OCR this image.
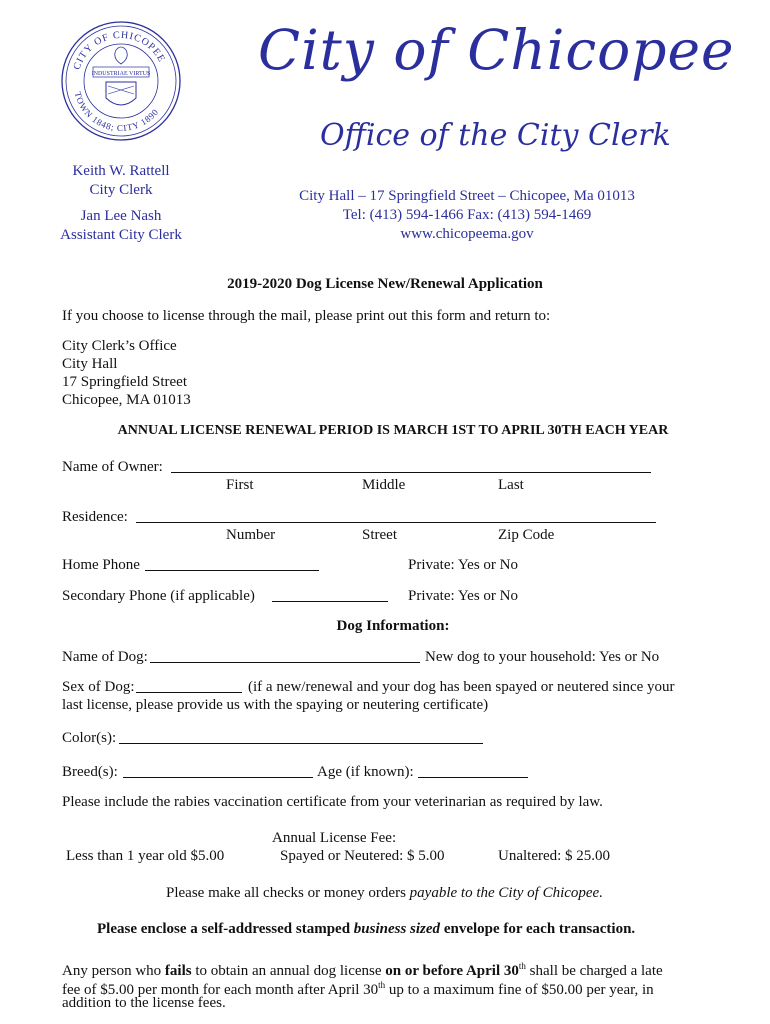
CITY OF CHICOPEE
TOWN 1848; CITY 1890
INDUSTRIAE VIRTUS City of Chicopee
Office of the City Clerk
Keith W. Rattell
City Clerk
Jan Lee Nash
Assistant City Clerk
City Hall – 17 Springfield Street – Chicopee, Ma 01013
Tel: (413) 594-1466 Fax: (413) 594-1469
www.chicopeema.gov
2019-2020 Dog License New/Renewal Application
If you choose to license through the mail, please print out this form and return to:
City Clerk’s Office
City Hall
17 Springfield Street
Chicopee, MA 01013
ANNUAL LICENSE RENEWAL PERIOD IS MARCH 1ST TO APRIL 30TH EACH YEAR
Name of Owner:
First	Middle	Last
Residence:
Number	Street	Zip Code
Home Phone	Private: Yes or No
Secondary Phone (if applicable)	Private: Yes or No
Dog Information:
Name of Dog:	New dog to your household: Yes or No
Sex of Dog:	(if a new/renewal and your dog has been spayed or neutered since your
last license, please provide us with the spaying or neutering certificate)
Color(s):
Breed(s):	Age (if known):
Please include the rabies vaccination certificate from your veterinarian as required by law.
Annual License Fee:
Less than 1 year old $5.00	Spayed or Neutered: $ 5.00	Unaltered: $ 25.00
Please make all checks or money orders payable to the City of Chicopee.
Please enclose a self-addressed stamped business sized envelope for each transaction.
Any person who fails to obtain an annual dog license on or before April 30th shall be charged a late
fee of $5.00 per month for each month after April 30th up to a maximum fine of $50.00 per year, in
addition to the license fees.
